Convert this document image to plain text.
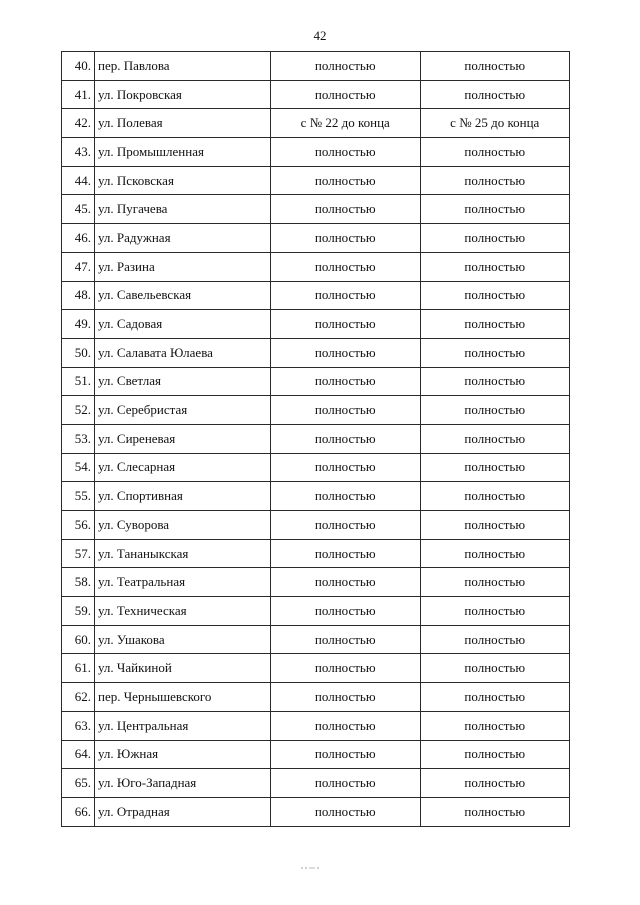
42
40.	пер. Павлова	полностью	полностью
41.	ул. Покровская	полностью	полностью
42.	ул. Полевая	с № 22 до конца	с № 25 до конца
43.	ул. Промышленная	полностью	полностью
44.	ул. Псковская	полностью	полностью
45.	ул. Пугачева	полностью	полностью
46.	ул. Радужная	полностью	полностью
47.	ул. Разина	полностью	полностью
48.	ул. Савельевская	полностью	полностью
49.	ул. Садовая	полностью	полностью
50.	ул. Салавата Юлаева	полностью	полностью
51.	ул. Светлая	полностью	полностью
52.	ул. Серебристая	полностью	полностью
53.	ул. Сиреневая	полностью	полностью
54.	ул. Слесарная	полностью	полностью
55.	ул. Спортивная	полностью	полностью
56.	ул. Суворова	полностью	полностью
57.	ул. Тананыкская	полностью	полностью
58.	ул. Театральная	полностью	полностью
59.	ул. Техническая	полностью	полностью
60.	ул. Ушакова	полностью	полностью
61.	ул. Чайкиной	полностью	полностью
62.	пер. Чернышевского	полностью	полностью
63.	ул. Центральная	полностью	полностью
64.	ул. Южная	полностью	полностью
65.	ул. Юго-Западная	полностью	полностью
66.	ул. Отрадная	полностью	полностью
